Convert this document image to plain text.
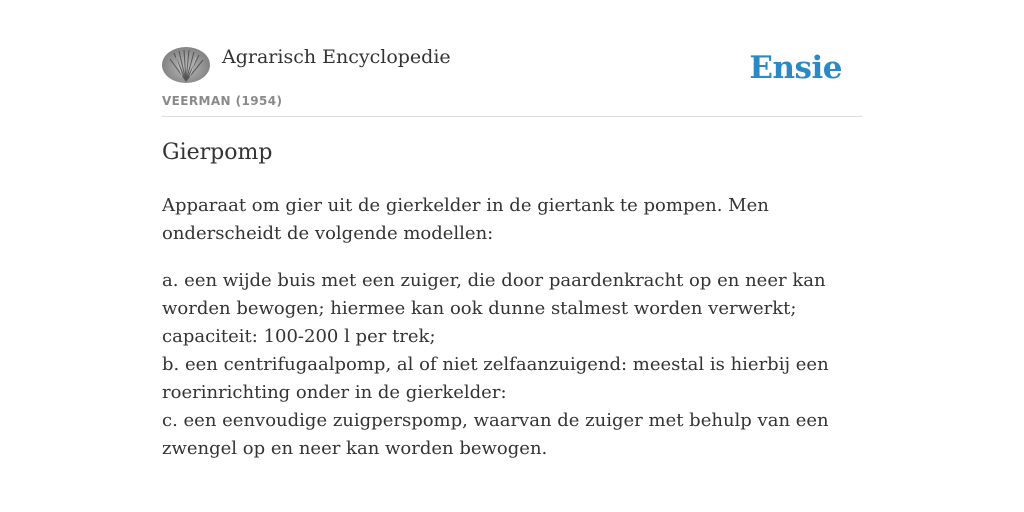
Agrarisch Encyclopedie
VEERMAN (1954)
Ensie
Gierpomp

Apparaat om gier uit de gierkelder in de giertank te pompen. Men onderscheidt de volgende modellen:

a. een wijde buis met een zuiger, die door paardenkracht op en neer kan worden bewogen; hiermee kan ook dunne stalmest worden verwerkt; capaciteit: 100-200 l per trek;
b. een centrifugaalpomp, al of niet zelfaanzuigend: meestal is hierbij een roerinrichting onder in de gierkelder:
c. een eenvoudige zuigperspomp, waarvan de zuiger met behulp van een zwengel op en neer kan worden bewogen.
